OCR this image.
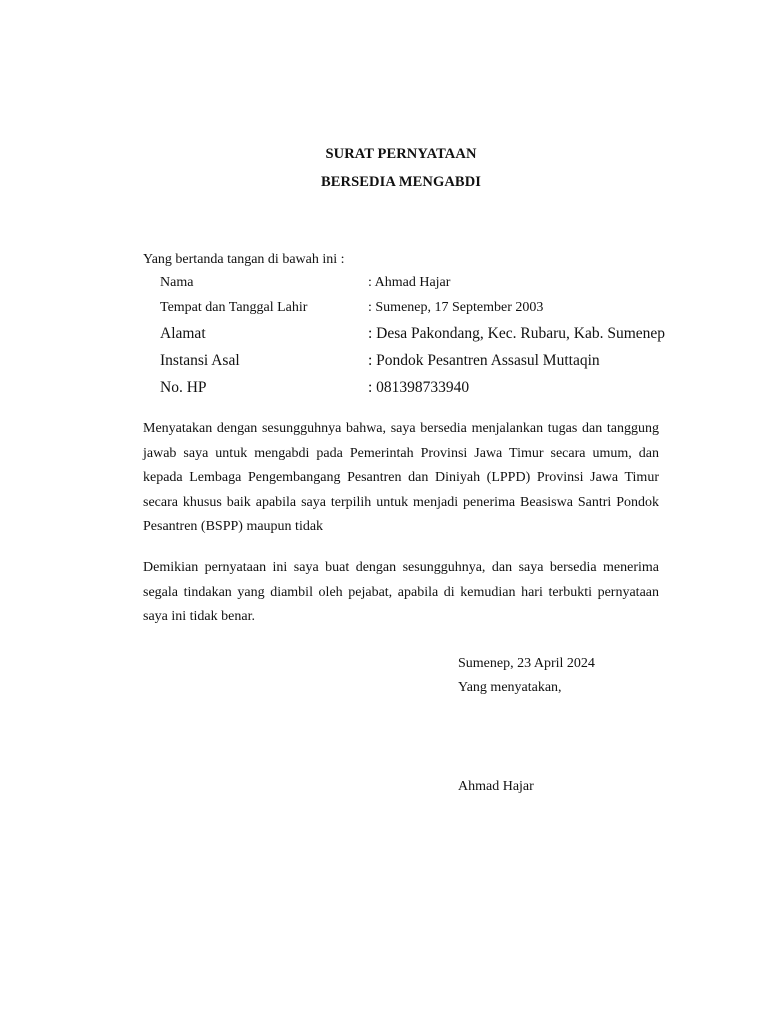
SURAT PERNYATAAN
BERSEDIA MENGABDI
Yang bertanda tangan di bawah ini :
Nama	: Ahmad Hajar
Tempat dan Tanggal Lahir	: Sumenep, 17 September 2003
Alamat	: Desa Pakondang, Kec. Rubaru, Kab. Sumenep
Instansi Asal	: Pondok Pesantren Assasul Muttaqin
No. HP	: 081398733940
Menyatakan dengan sesungguhnya bahwa, saya bersedia menjalankan tugas dan tanggung jawab saya untuk mengabdi pada Pemerintah Provinsi Jawa Timur secara umum, dan kepada Lembaga Pengembangang Pesantren dan Diniyah (LPPD) Provinsi Jawa Timur secara khusus baik apabila saya terpilih untuk menjadi penerima Beasiswa Santri Pondok Pesantren (BSPP) maupun tidak
Demikian pernyataan ini saya buat dengan sesungguhnya, dan saya bersedia menerima segala tindakan yang diambil oleh pejabat, apabila di kemudian hari terbukti pernyataan saya ini tidak benar.
Sumenep, 23 April 2024
Yang menyatakan,
Ahmad Hajar
